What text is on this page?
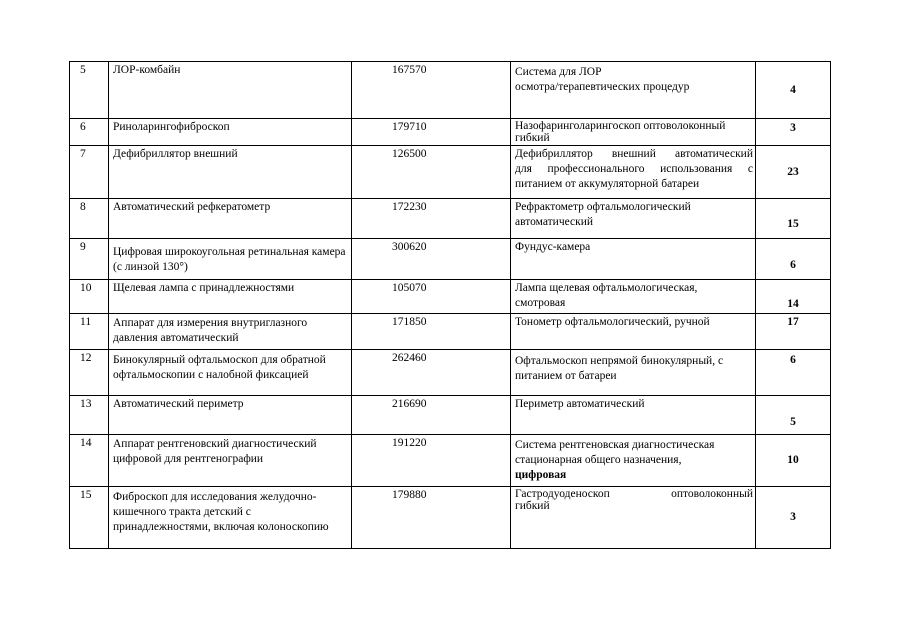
5	ЛОР-комбайн	167570	Система для ЛОР
осмотра/терапевтических процедур	4
6	Риноларингофиброскоп	179710	Назофаринголарингоскоп оптоволоконный
гибкий	3
7	Дефибриллятор внешний	126500	Дефибриллятор внешний автоматический
для профессионального использования с
питанием от аккумуляторной батареи	23
8	Автоматический рефкератометр	172230	Рефрактометр офтальмологический
автоматический	15
9	Цифровая широкоугольная ретинальная камера (с линзой 130°)	300620	Фундус-камера	6
10	Щелевая лампа с принадлежностями	105070	Лампа щелевая офтальмологическая,
смотровая	14
11	Аппарат для измерения внутриглазного давления автоматический	171850	Тонометр офтальмологический, ручной	17
12	Бинокулярный офтальмоскоп для обратной офтальмоскопии с налобной фиксацией	262460	Офтальмоскоп непрямой бинокулярный, с
питанием от батареи	6
13	Автоматический периметр	216690	Периметр автоматический	5
14	Аппарат рентгеновский диагностический цифровой для рентгенографии	191220	Система рентгеновская диагностическая
стационарная общего назначения,
цифровая	10
15	Фиброскоп для исследования желудочно-кишечного тракта детский с принадлежностями, включая колоноскопию	179880	Гастродуоденоскоп оптоволоконный
гибкий	3
